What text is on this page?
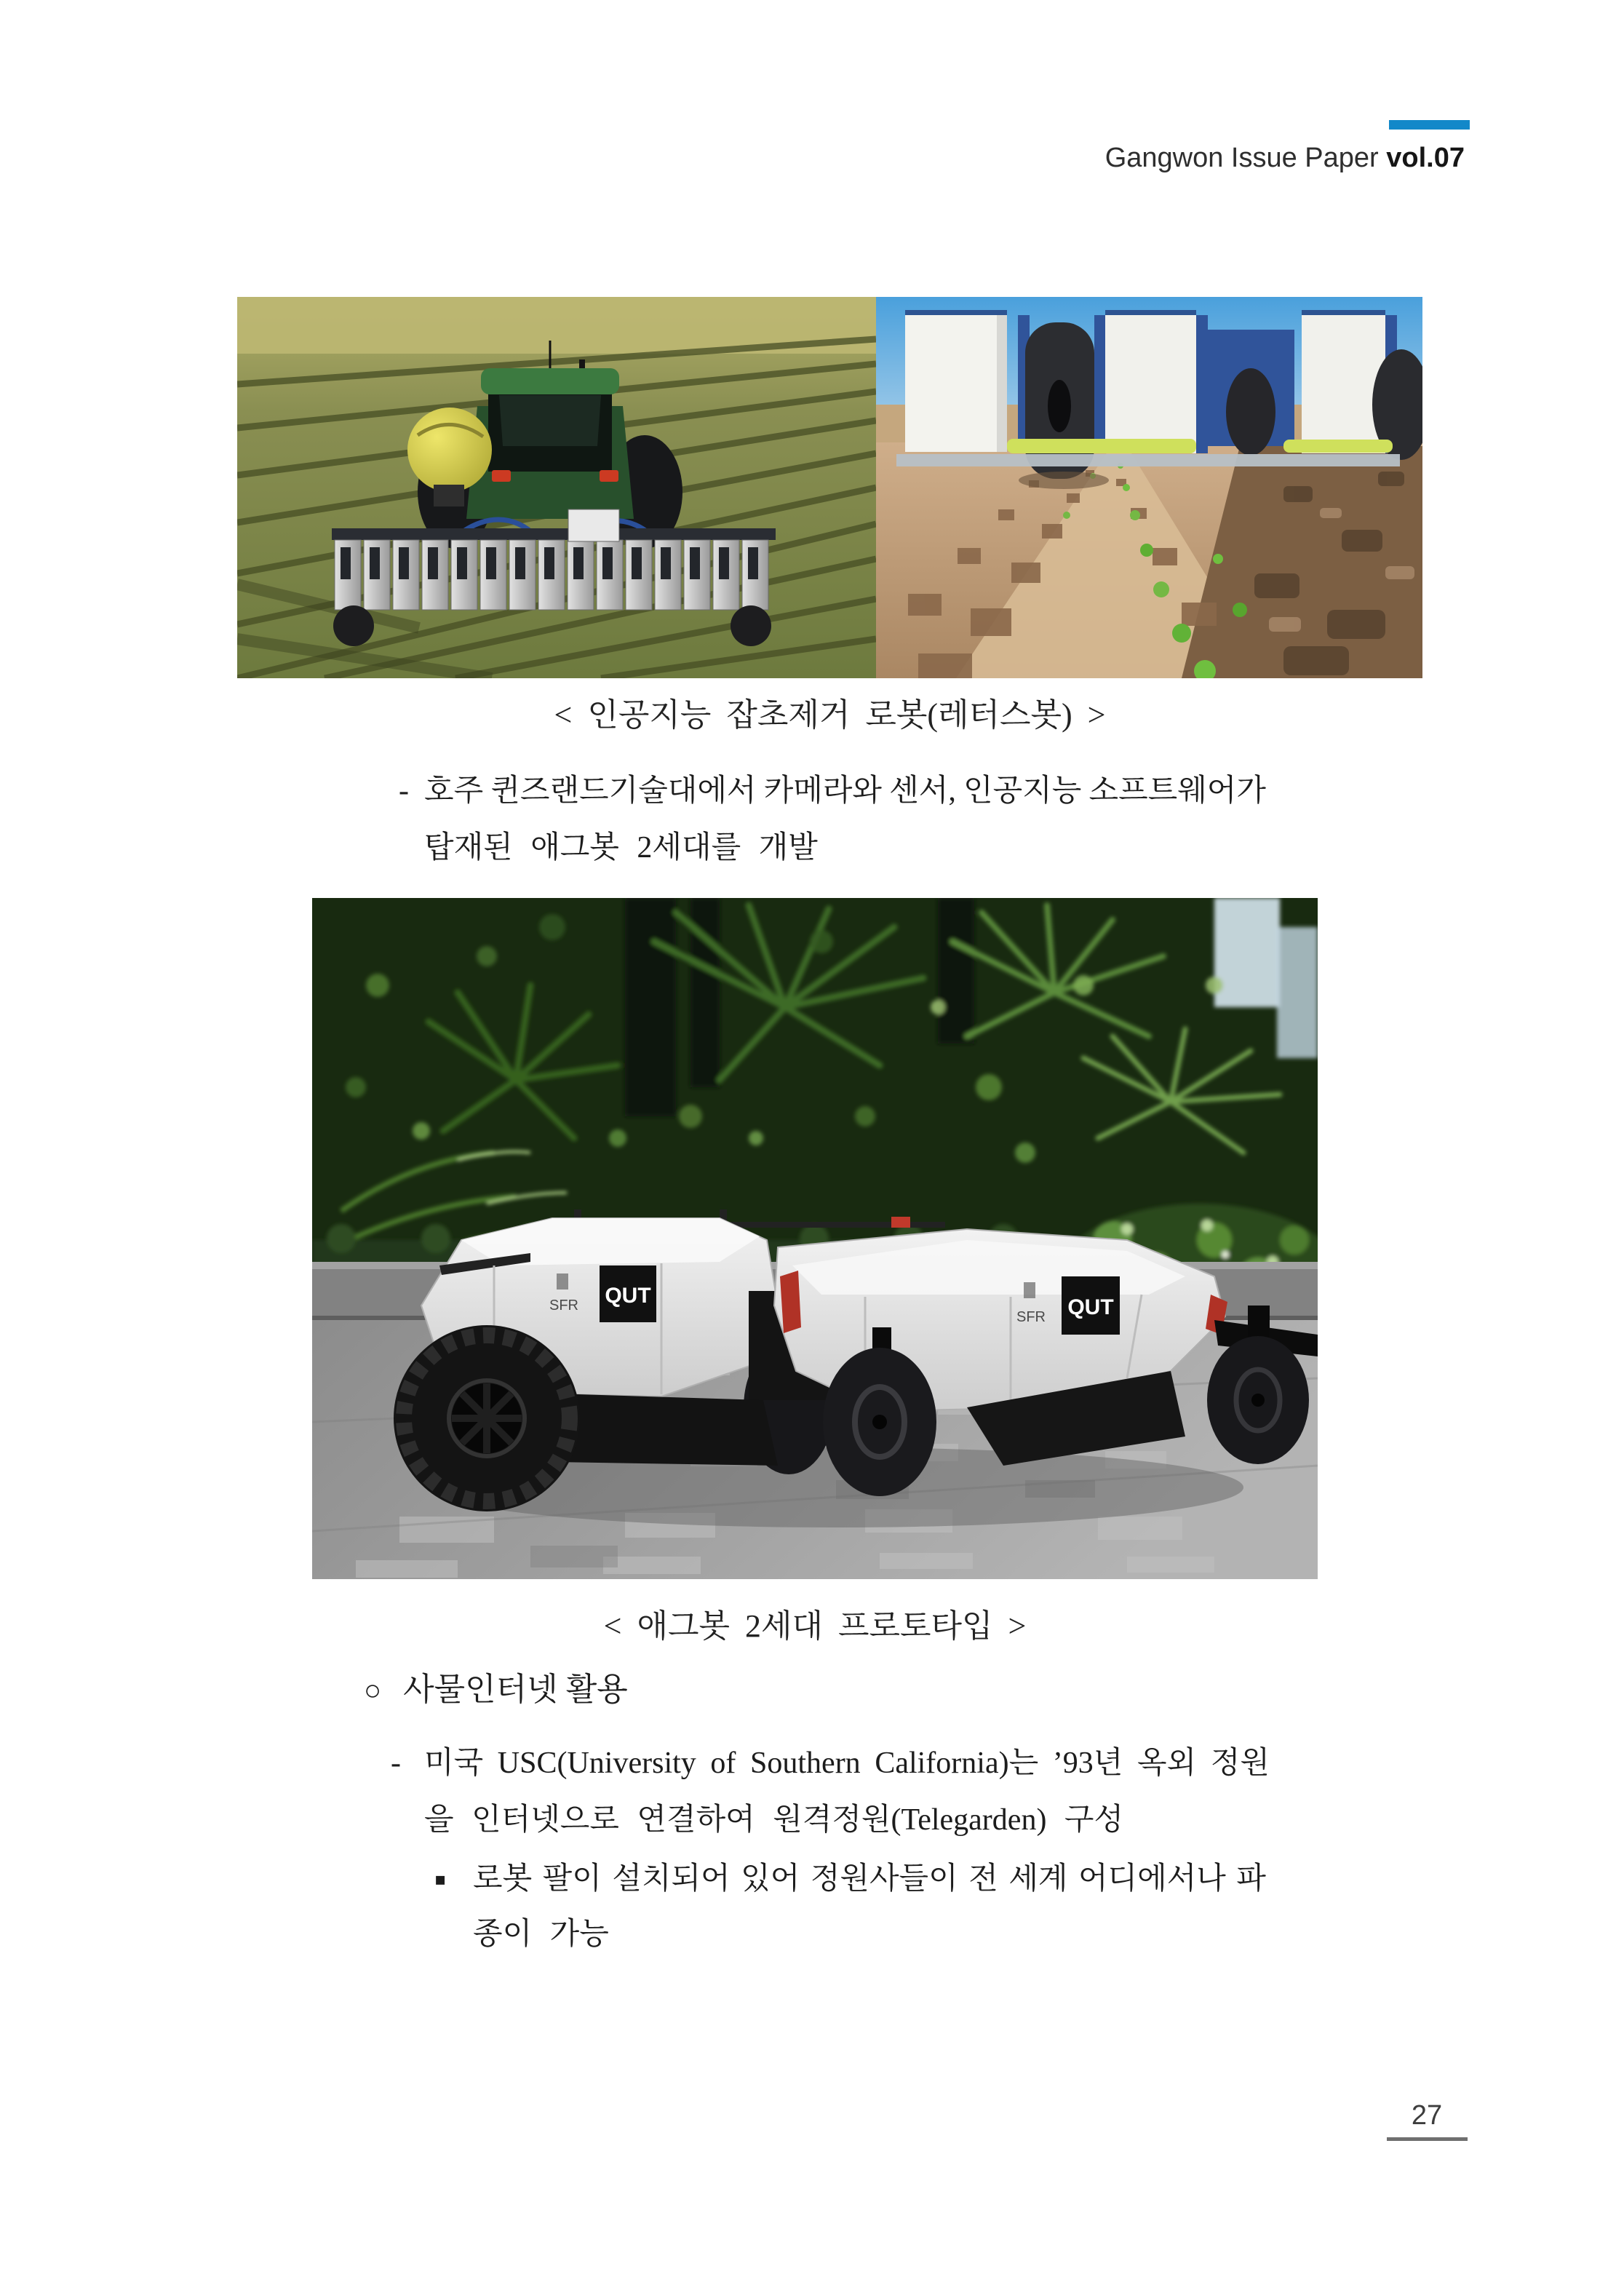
Gangwon Issue Paper vol.07
< 인공지능 잡초제거 로봇(레터스봇) >
- 호주 퀸즈랜드기술대에서 카메라와 센서, 인공지능 소프트웨어가
탑재된 애그봇 2세대를 개발
QUT
SFR	QUT
SFR
< 애그봇 2세대 프로토타입 >
○ 사물인터넷 활용
- 미국 USC(University of Southern California)는 ’93년 옥외 정원
을 인터넷으로 연결하여 원격정원(Telegarden) 구성
▪ 로봇 팔이 설치되어 있어 정원사들이 전 세계 어디에서나 파
종이 가능
27
